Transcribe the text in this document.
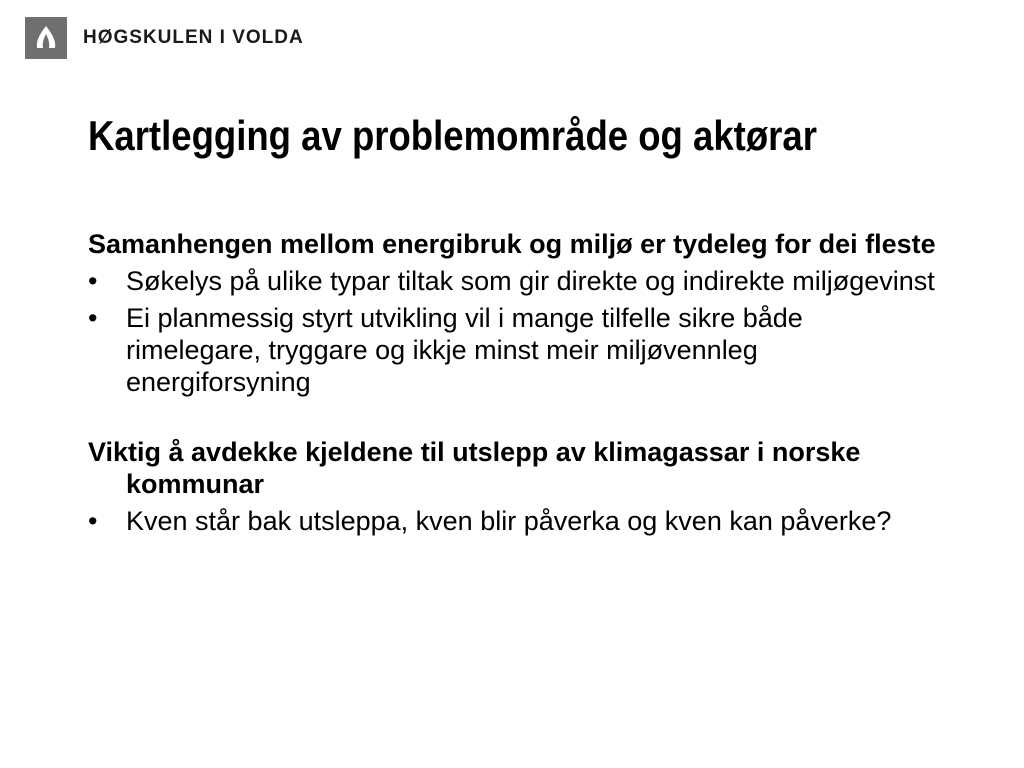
HØGSKULEN I VOLDA
Kartlegging av problemområde og aktørar

Samanhengen mellom energibruk og miljø er tydeleg for dei fleste

•	Søkelys på ulike typar tiltak som gir direkte og indirekte miljøgevinst
•	Ei planmessig styrt utvikling vil i mange tilfelle sikre både rimelegare, tryggare og ikkje minst meir miljøvennleg energiforsyning

Viktig å avdekke kjeldene til utslepp av klimagassar i norske kommunar

•	Kven står bak utsleppa, kven blir påverka og kven kan påverke?
